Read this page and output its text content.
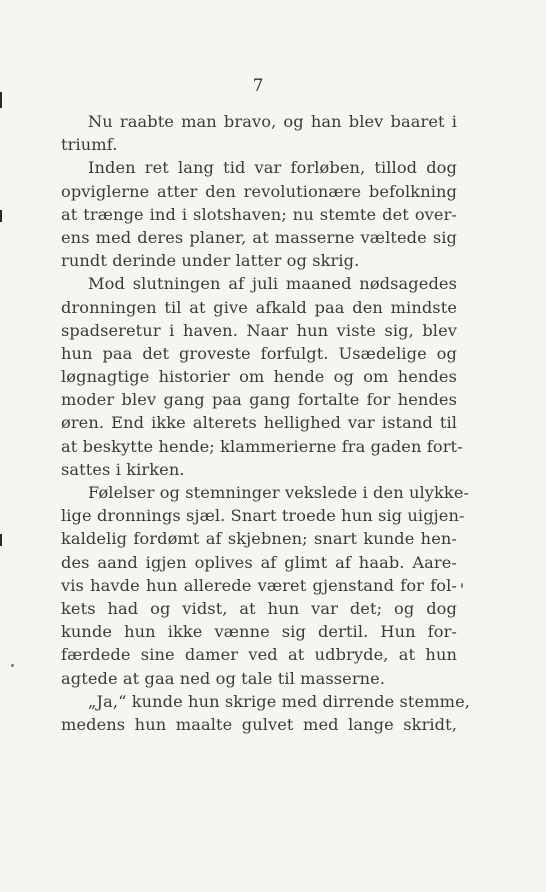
7
Nu raabte man bravo, og han blev baaret i
triumf.
Inden ret lang tid var forløben, tillod dog
opviglerne atter den revolutionære befolkning
at trænge ind i slotshaven; nu stemte det over-
ens med deres planer, at masserne væltede sig
rundt derinde under latter og skrig.
Mod slutningen af juli maaned nødsagedes
dronningen til at give afkald paa den mindste
spadseretur i haven. Naar hun viste sig, blev
hun paa det groveste forfulgt. Usædelige og
løgnagtige historier om hende og om hendes
moder blev gang paa gang fortalte for hendes
øren. End ikke alterets hellighed var istand til
at beskytte hende; klammerierne fra gaden fort-
sattes i kirken.
Følelser og stemninger vekslede i den ulykke-
lige dronnings sjæl. Snart troede hun sig uigjen-
kaldelig fordømt af skjebnen; snart kunde hen-
des aand igjen oplives af glimt af haab. Aare-
vis havde hun allerede været gjenstand for fol-
kets had og vidst, at hun var det; og dog
kunde hun ikke vænne sig dertil. Hun for-
færdede sine damer ved at udbryde, at hun
agtede at gaa ned og tale til masserne.
„Ja,“ kunde hun skrige med dirrende stemme,
medens hun maalte gulvet med lange skridt,
